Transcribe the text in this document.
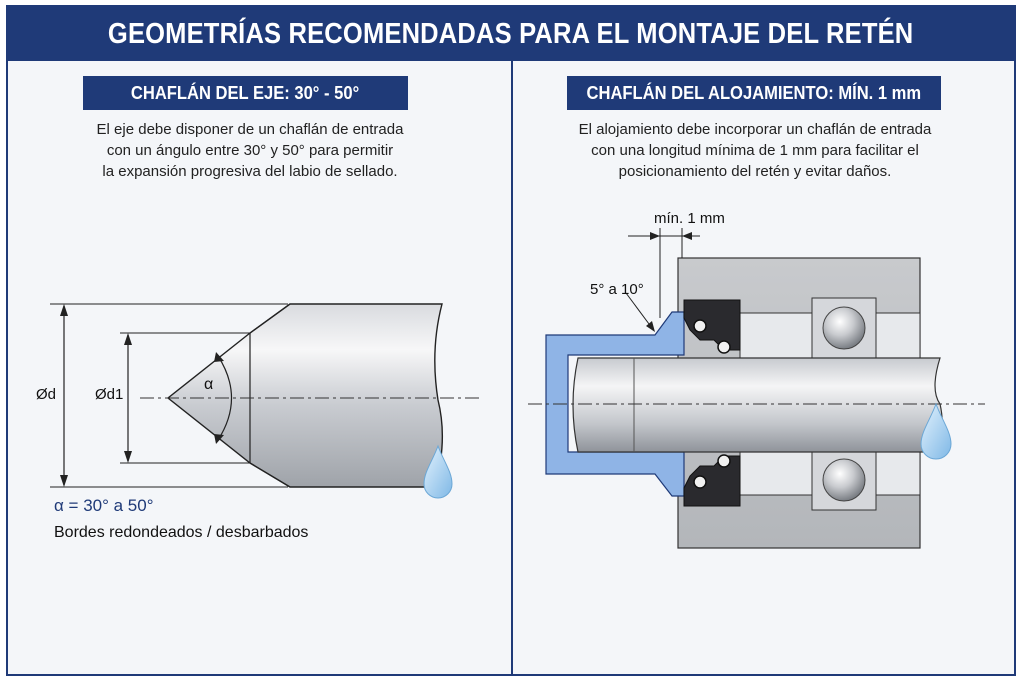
GEOMETRÍAS RECOMENDADAS PARA EL MONTAJE DEL RETÉN
CHAFLÁN DEL EJE: 30° - 50°
El eje debe disponer de un chaflán de entrada
con un ángulo entre 30° y 50° para permitir
la expansión progresiva del labio de sellado.
CHAFLÁN DEL ALOJAMIENTO: MÍN. 1 mm
El alojamiento debe incorporar un chaflán de entrada
con una longitud mínima de 1 mm para facilitar el
posicionamiento del retén y evitar daños.
Ød	Ød1
α
α = 30° a 50°
Bordes redondeados / desbarbados
mín. 1 mm
5° a 10°
